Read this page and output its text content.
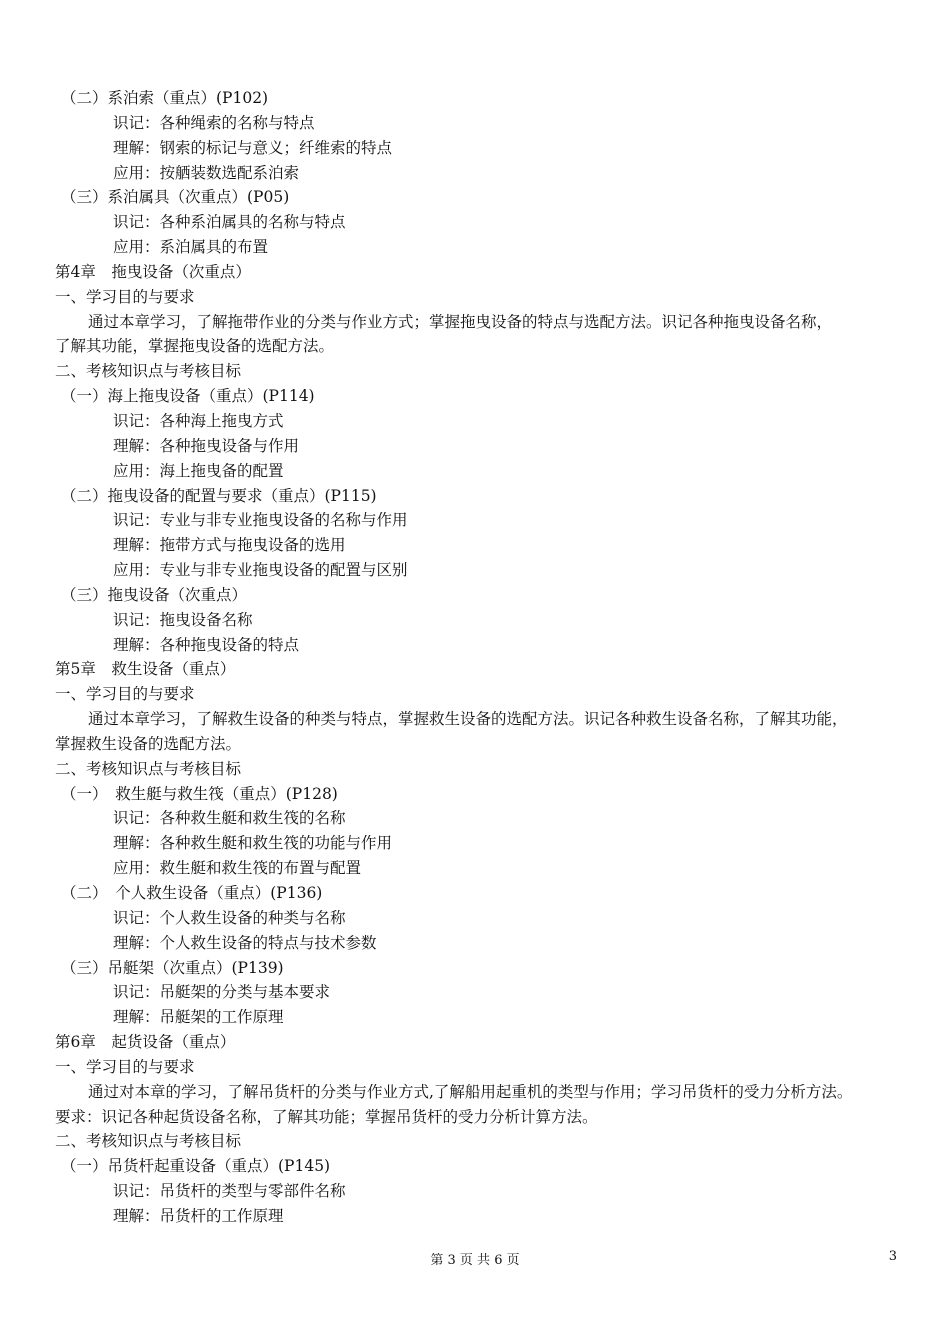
（二）系泊索（重点）(P102)
识记：各种绳索的名称与特点
理解：钢索的标记与意义；纤维索的特点
应用：按舾装数选配系泊索
（三）系泊属具（次重点）(P05)
识记：各种系泊属具的名称与特点
应用：系泊属具的布置
第4章　拖曳设备（次重点）
一、学习目的与要求
通过本章学习，了解拖带作业的分类与作业方式；掌握拖曳设备的特点与选配方法。识记各种拖曳设备名称，
了解其功能，掌握拖曳设备的选配方法。
二、考核知识点与考核目标
（一）海上拖曳设备（重点）(P114)
识记：各种海上拖曳方式
理解：各种拖曳设备与作用
应用：海上拖曳备的配置
（二）拖曳设备的配置与要求（重点）(P115)
识记：专业与非专业拖曳设备的名称与作用
理解：拖带方式与拖曳设备的选用
应用：专业与非专业拖曳设备的配置与区别
（三）拖曳设备（次重点）
识记：拖曳设备名称
理解：各种拖曳设备的特点
第5章　救生设备（重点）
一、学习目的与要求
通过本章学习，了解救生设备的种类与特点，掌握救生设备的选配方法。识记各种救生设备名称，了解其功能，
掌握救生设备的选配方法。
二、考核知识点与考核目标
（一）　救生艇与救生筏（重点）(P128)
识记：各种救生艇和救生筏的名称
理解：各种救生艇和救生筏的功能与作用
应用：救生艇和救生筏的布置与配置
（二）　个人救生设备（重点）(P136)
识记：个人救生设备的种类与名称
理解：个人救生设备的特点与技术参数
（三）吊艇架（次重点）(P139)
识记：吊艇架的分类与基本要求
理解：吊艇架的工作原理
第6章　起货设备（重点）
一、学习目的与要求
通过对本章的学习，了解吊货杆的分类与作业方式,了解船用起重机的类型与作用；学习吊货杆的受力分析方法。
要求：识记各种起货设备名称，了解其功能；掌握吊货杆的受力分析计算方法。
二、考核知识点与考核目标
（一）吊货杆起重设备（重点）(P145)
识记：吊货杆的类型与零部件名称
理解：吊货杆的工作原理
第 3 页 共 6 页	3
